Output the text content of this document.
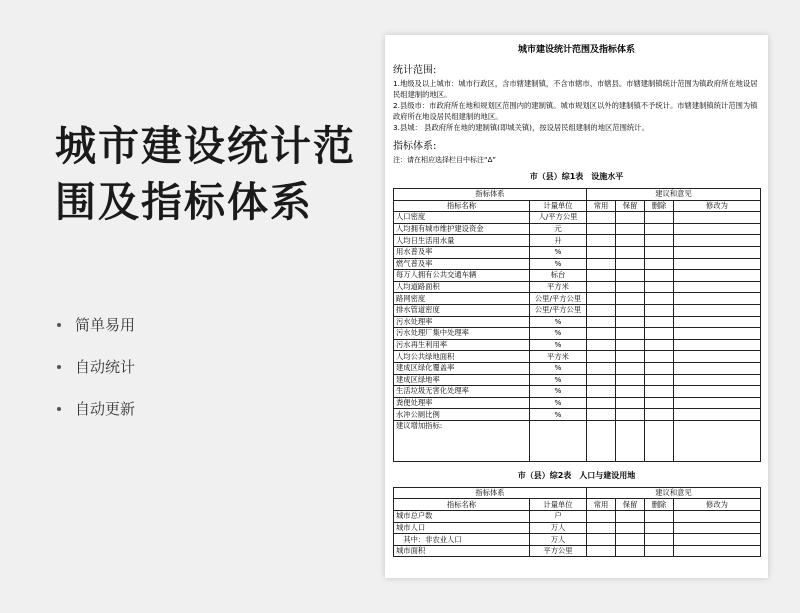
城市建设统计范
围及指标体系
简单易用
自动统计
自动更新
城市建设统计范围及指标体系
统计范围:

1.地级及以上城市：城市行政区，含市辖建制镇，不含市辖市、市辖县。市辖建制镇统计范围为镇政府所在地设居民组建制的地区。

2.县级市：市政府所在地和规划区范围内的建制镇。城市规划区以外的建制镇不予统计。市辖建制镇统计范围为镇政府所在地设居民组建制的地区。

3.县城： 县政府所在地的建制镇(即城关镇)，按设居民组建制的地区范围统计。

指标体系:
注：请在相应选择栏目中标注“Δ”
市（县）综1表　设施水平
指标体系		建议和意见			
指标名称	计量单位	常用	保留	删除	修改为
人口密度	人/平方公里				
人均拥有城市维护建设资金	元				
人均日生活用水量	升				
用水普及率	%				
燃气普及率	%				
每万人拥有公共交通车辆	标台				
人均道路面积	平方米				
路网密度	公里/平方公里				
排水管道密度	公里/平方公里				
污水处理率	%				
污水处理厂集中处理率	%				
污水再生利用率	%				
人均公共绿地面积	平方米				
建成区绿化覆盖率	%				
建成区绿地率	%				
生活垃圾无害化处理率	%				
粪便处理率	%				
水冲公厕比例	%				
建议增加指标:					
市（县）综2表　人口与建设用地
指标体系		建议和意见			
指标名称	计量单位	常用	保留	删除	修改为
城市总户数	户				
城市人口	万人				
　其中：非农业人口	万人				
城市面积	平方公里				
